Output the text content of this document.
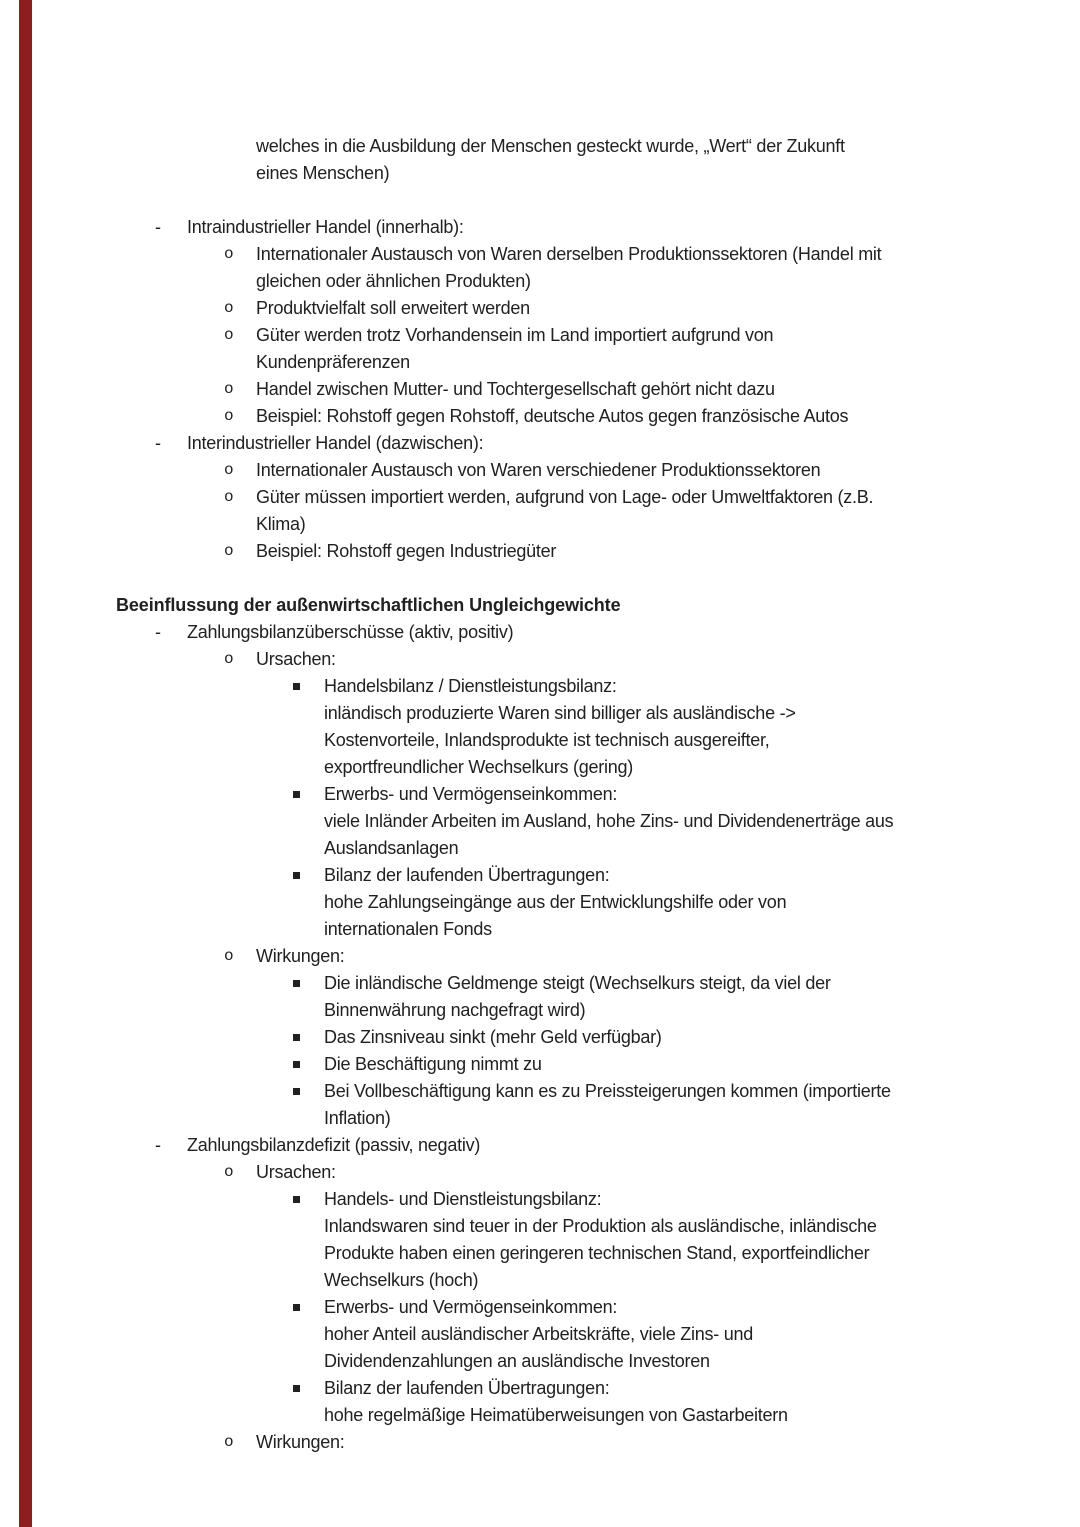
welches in die Ausbildung der Menschen gesteckt wurde, „Wert“ der Zukunft
eines Menschen)
- Intraindustrieller Handel (innerhalb):
o Internationaler Austausch von Waren derselben Produktionssektoren (Handel mit
gleichen oder ähnlichen Produkten)
o Produktvielfalt soll erweitert werden
o Güter werden trotz Vorhandensein im Land importiert aufgrund von
Kundenpräferenzen
o Handel zwischen Mutter- und Tochtergesellschaft gehört nicht dazu
o Beispiel: Rohstoff gegen Rohstoff, deutsche Autos gegen französische Autos
- Interindustrieller Handel (dazwischen):
o Internationaler Austausch von Waren verschiedener Produktionssektoren
o Güter müssen importiert werden, aufgrund von Lage- oder Umweltfaktoren (z.B.
Klima)
o Beispiel: Rohstoff gegen Industriegüter
Beeinflussung der außenwirtschaftlichen Ungleichgewichte
- Zahlungsbilanzüberschüsse (aktiv, positiv)
o Ursachen:
Handelsbilanz / Dienstleistungsbilanz:
inländisch produzierte Waren sind billiger als ausländische ->
Kostenvorteile, Inlandsprodukte ist technisch ausgereifter,
exportfreundlicher Wechselkurs (gering)
Erwerbs- und Vermögenseinkommen:
viele Inländer Arbeiten im Ausland, hohe Zins- und Dividendenerträge aus
Auslandsanlagen
Bilanz der laufenden Übertragungen:
hohe Zahlungseingänge aus der Entwicklungshilfe oder von
internationalen Fonds
o Wirkungen:
Die inländische Geldmenge steigt (Wechselkurs steigt, da viel der
Binnenwährung nachgefragt wird)
Das Zinsniveau sinkt (mehr Geld verfügbar)
Die Beschäftigung nimmt zu
Bei Vollbeschäftigung kann es zu Preissteigerungen kommen (importierte
Inflation)
- Zahlungsbilanzdefizit (passiv, negativ)
o Ursachen:
Handels- und Dienstleistungsbilanz:
Inlandswaren sind teuer in der Produktion als ausländische, inländische
Produkte haben einen geringeren technischen Stand, exportfeindlicher
Wechselkurs (hoch)
Erwerbs- und Vermögenseinkommen:
hoher Anteil ausländischer Arbeitskräfte, viele Zins- und
Dividendenzahlungen an ausländische Investoren
Bilanz der laufenden Übertragungen:
hohe regelmäßige Heimatüberweisungen von Gastarbeitern
o Wirkungen:
